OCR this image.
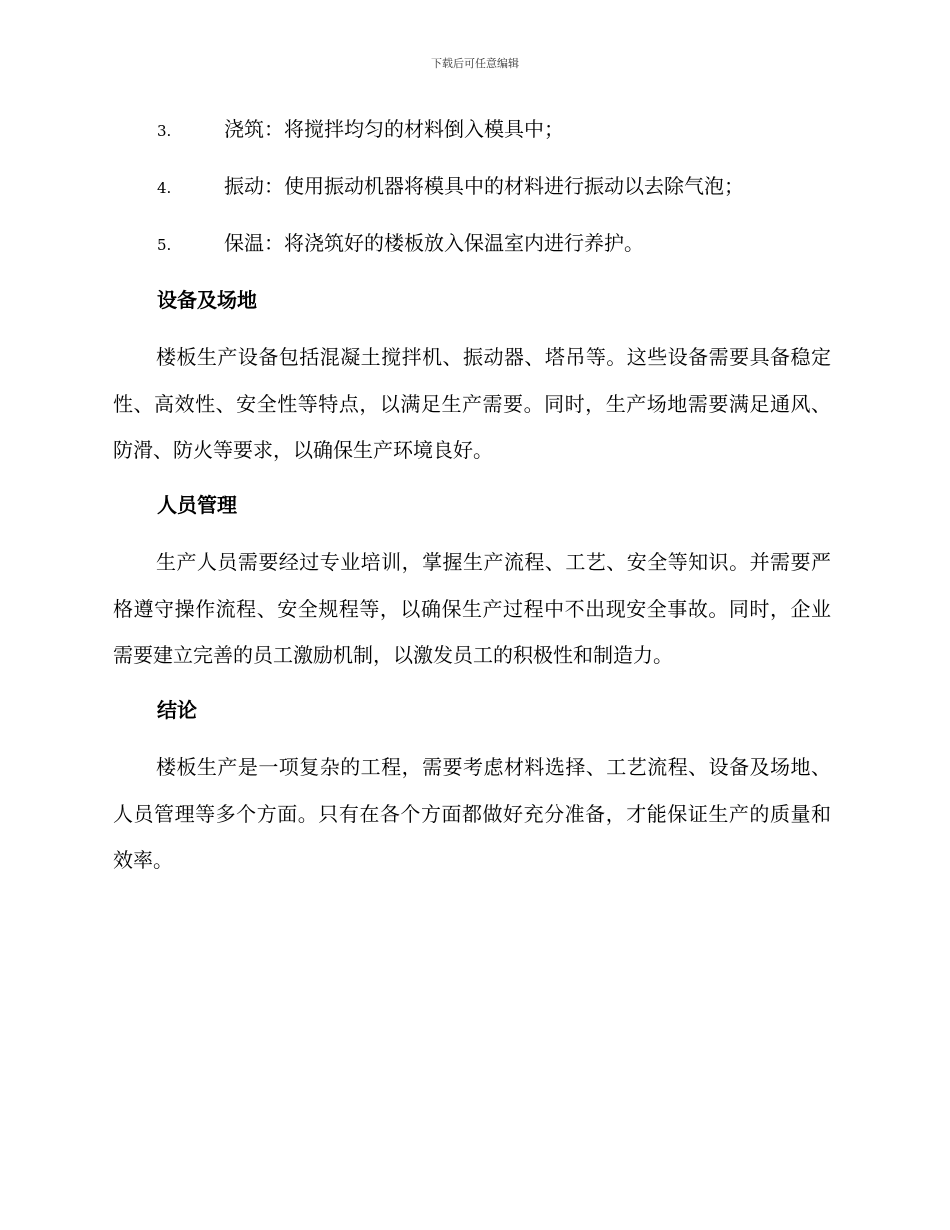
下载后可任意编辑
3.	浇筑：将搅拌均匀的材料倒入模具中；
4.	振动：使用振动机器将模具中的材料进行振动以去除气泡；
5.	保温：将浇筑好的楼板放入保温室内进行养护。
设备及场地

楼板生产设备包括混凝土搅拌机、振动器、塔吊等。这些设备需要具备稳定性、高效性、安全性等特点，以满足生产需要。同时，生产场地需要满足通风、防滑、防火等要求，以确保生产环境良好。

人员管理

生产人员需要经过专业培训，掌握生产流程、工艺、安全等知识。并需要严格遵守操作流程、安全规程等，以确保生产过程中不出现安全事故。同时，企业需要建立完善的员工激励机制，以激发员工的积极性和制造力。

结论

楼板生产是一项复杂的工程，需要考虑材料选择、工艺流程、设备及场地、人员管理等多个方面。只有在各个方面都做好充分准备，才能保证生产的质量和效率。
